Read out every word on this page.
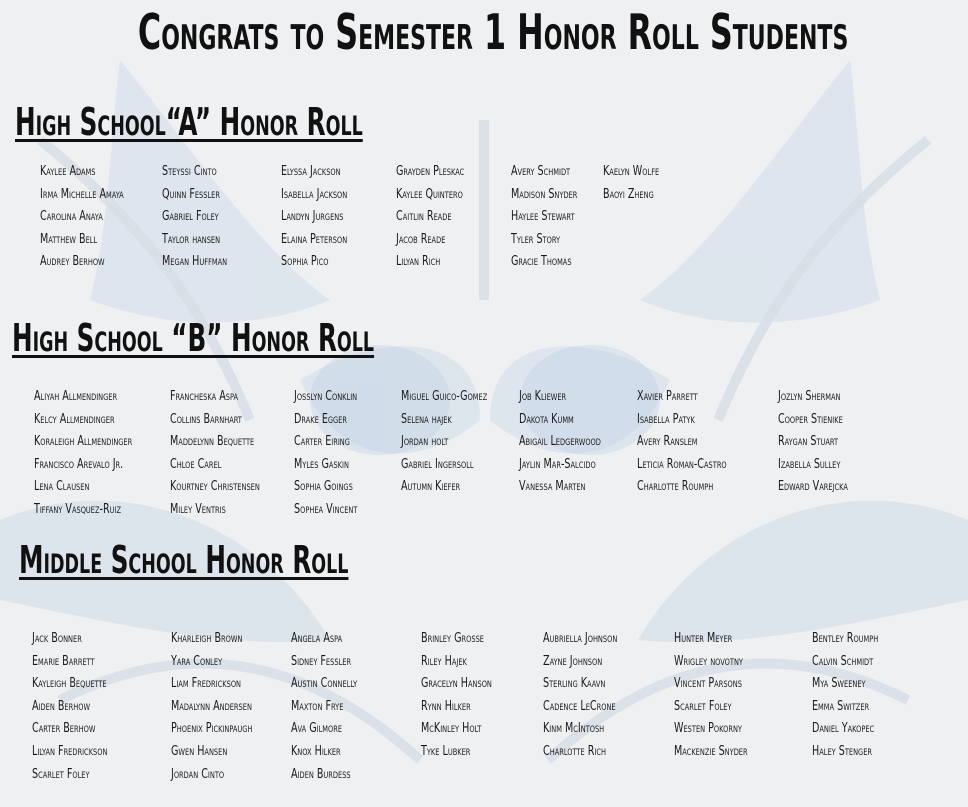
Congrats to Semester 1 Honor Roll Students
High School“A” Honor Roll
High School “B” Honor Roll
Middle School Honor Roll
Kaylee Adams
Irma Michelle Amaya
Carolina Anaya
Matthew Bell
Audrey Berhow
Steyssi Cinto
Quinn Fessler
Gabriel Foley
Taylor hansen
Megan Huffman
Elyssa Jackson
Isabella Jackson
Landyn Jurgens
Elaina Peterson
Sophia Pico
Grayden Pleskac
Kaylee Quintero
Caitlin Reade
Jacob Reade
Lilyan Rich
Avery Schmidt
Madison Snyder
Haylee Stewart
Tyler Story
Gracie Thomas
Kaelyn Wolfe
Baoyi Zheng
Aliyah Allmendinger
Kelcy Allmendinger
Koraleigh Allmendinger
Francisco Arevalo Jr.
Lena Clausen
Tiffany Vasquez-Ruiz
Francheska Aspa
Collins Barnhart
Maddelynn Bequette
Chloe Carel
Kourtney Christensen
Miley Ventris
Josslyn Conklin
Drake Egger
Carter Eiring
Myles Gaskin
Sophia Goings
Sophea Vincent
Miguel Guico-Gomez
Selena hajek
Jordan holt
Gabriel Ingersoll
Autumn Kiefer
Job Kliewer
Dakota Kumm
Abigail Ledgerwood
Jaylin Mar-Salcido
Vanessa Marten
Xavier Parrett
Isabella Patyk
Avery Ranslem
Leticia Roman-Castro
Charlotte Roumph
Jozlyn Sherman
Cooper Stienike
Raygan Stuart
Izabella Sulley
Edward Varejcka
Jack Bonner
Emarie Barrett
Kayleigh Bequette
Aiden Berhow
Carter Berhow
Lilyan Fredrickson
Scarlet Foley
Kharleigh Brown
Yara Conley
Liam Fredrickson
Madalynn Andersen
Phoenix Pickinpaugh
Gwen Hansen
Jordan Cinto
Angela Aspa
Sidney Fessler
Austin Connelly
Maxton Frye
Ava Gilmore
Knox Hilker
Aiden Burdess
Brinley Grosse
Riley Hajek
Gracelyn Hanson
Rynn Hilker
McKinley Holt
Tyke Lubker
Aubriella Johnson
Zayne Johnson
Sterling Kaavn
Cadence LeCrone
Kinm McIntosh
Charlotte Rich
Hunter Meyer
Wrigley novotny
Vincent Parsons
Scarlet Foley
Westen Pokorny
Mackenzie Snyder
Bentley Roumph
Calvin Schmidt
Mya Sweeney
Emma Switzer
Daniel Yakopec
Haley Stenger
